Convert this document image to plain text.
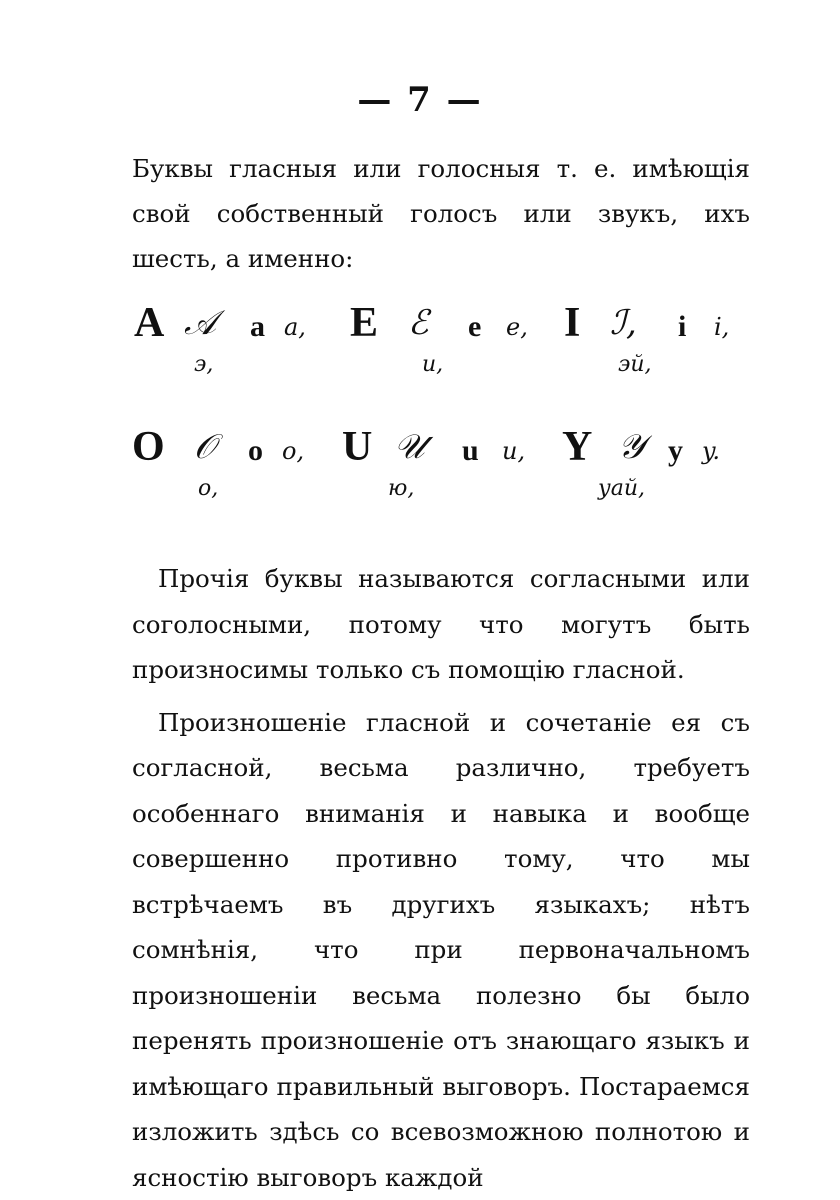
— 7 —
Буквы гласныя или голосныя т. е. имѣющія свой собственный голосъ или звукъ, ихъ шесть, а именно:
A 𝒜 a a, E ℰ e e, I ℐ, i i,
э,	и,	эй,
O 𝒪 o o, U 𝒰 u u, Y 𝒴 y y.
o,	ю,	уай,

Прочія буквы называются согласными или соголосными, потому что могутъ быть произносимы только съ помощію гласной.

Произношеніе гласной и сочетаніе ея съ согласной, весьма различно, требуетъ особеннаго вниманія и навыка и вообще совершенно противно тому, что мы встрѣчаемъ въ другихъ языкахъ; нѣтъ сомнѣнія, что при первоначальномъ произношеніи весьма полезно бы было перенять произношеніе отъ знающаго языкъ и имѣющаго правильный выговоръ. Постараемся изложить здѣсь со всевозможною полнотою и ясностію выговоръ каждой
